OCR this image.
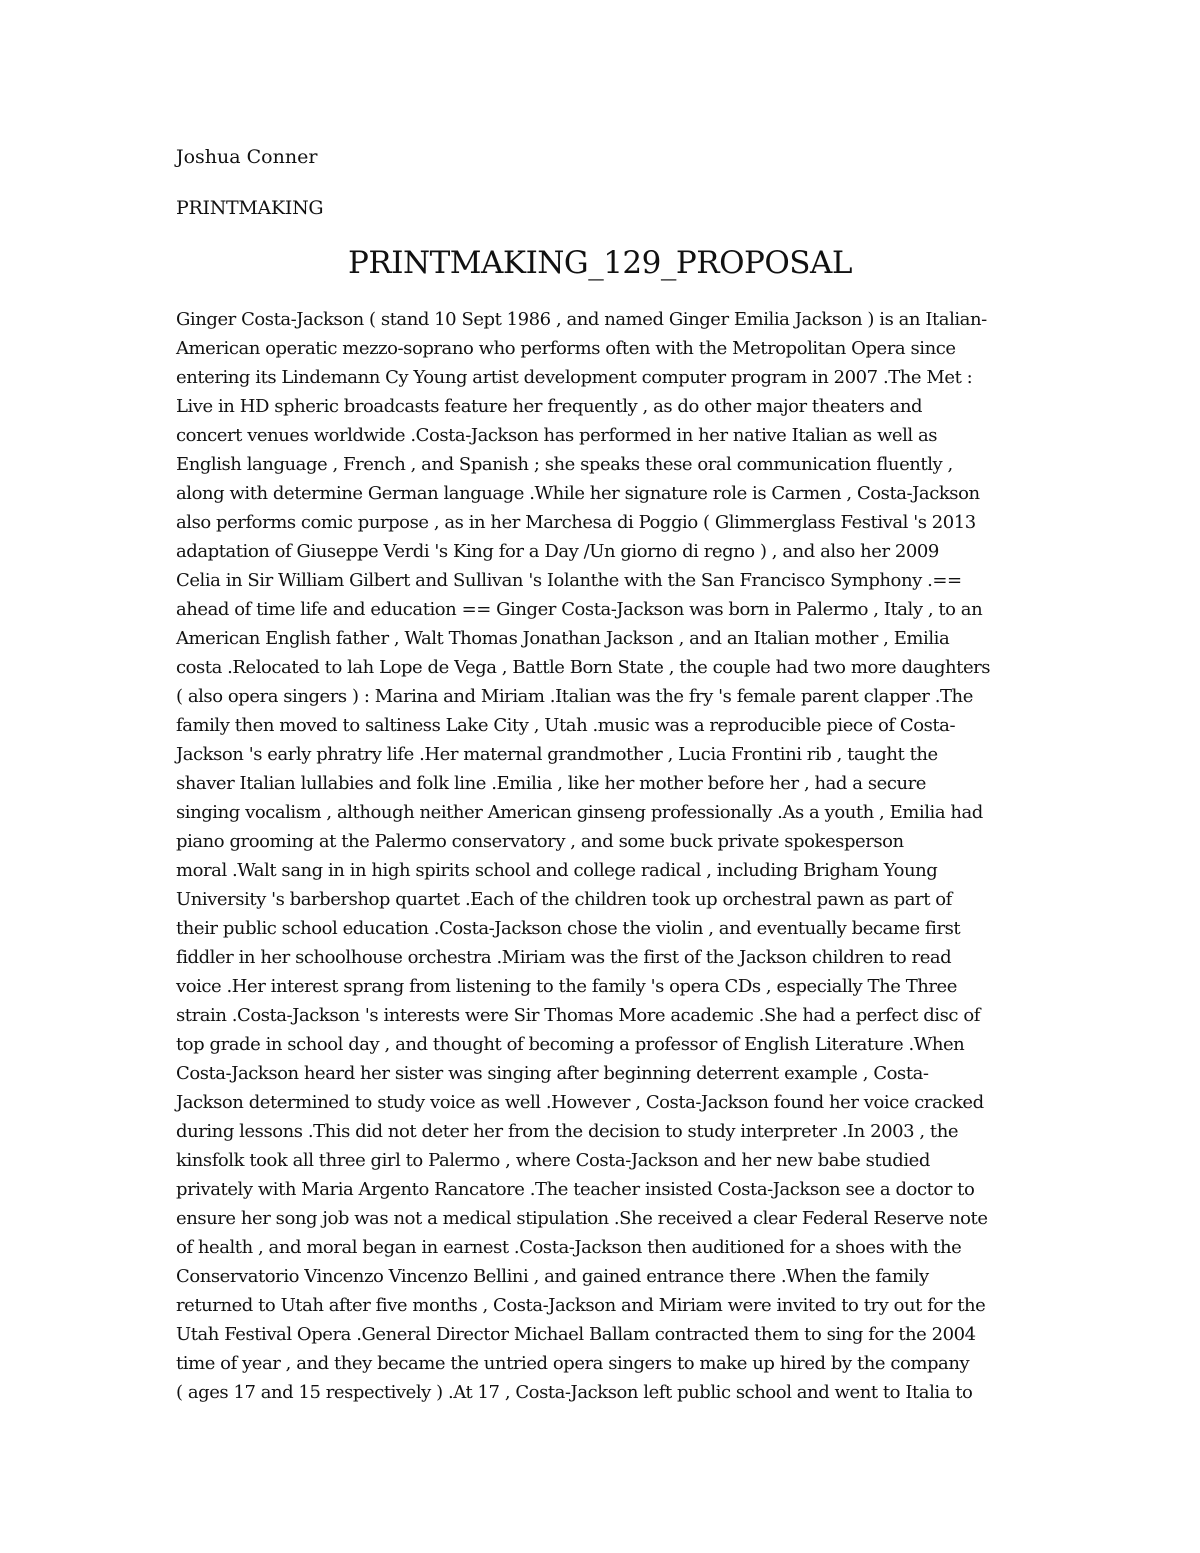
Joshua Conner
PRINTMAKING
PRINTMAKING_129_PROPOSAL
Ginger Costa-Jackson ( stand 10 Sept 1986 , and named Ginger Emilia Jackson ) is an Italian-
American operatic mezzo-soprano who performs often with the Metropolitan Opera since
entering its Lindemann Cy Young artist development computer program in 2007 .The Met :
Live in HD spheric broadcasts feature her frequently , as do other major theaters and
concert venues worldwide .Costa-Jackson has performed in her native Italian as well as
English language , French , and Spanish ; she speaks these oral communication fluently ,
along with determine German language .While her signature role is Carmen , Costa-Jackson
also performs comic purpose , as in her Marchesa di Poggio ( Glimmerglass Festival 's 2013
adaptation of Giuseppe Verdi 's King for a Day /Un giorno di regno ) , and also her 2009
Celia in Sir William Gilbert and Sullivan 's Iolanthe with the San Francisco Symphony .==
ahead of time life and education == Ginger Costa-Jackson was born in Palermo , Italy , to an
American English father , Walt Thomas Jonathan Jackson , and an Italian mother , Emilia
costa .Relocated to lah Lope de Vega , Battle Born State , the couple had two more daughters
( also opera singers ) : Marina and Miriam .Italian was the fry 's female parent clapper .The
family then moved to saltiness Lake City , Utah .music was a reproducible piece of Costa-
Jackson 's early phratry life .Her maternal grandmother , Lucia Frontini rib , taught the
shaver Italian lullabies and folk line .Emilia , like her mother before her , had a secure
singing vocalism , although neither American ginseng professionally .As a youth , Emilia had
piano grooming at the Palermo conservatory , and some buck private spokesperson
moral .Walt sang in in high spirits school and college radical , including Brigham Young
University 's barbershop quartet .Each of the children took up orchestral pawn as part of
their public school education .Costa-Jackson chose the violin , and eventually became first
fiddler in her schoolhouse orchestra .Miriam was the first of the Jackson children to read
voice .Her interest sprang from listening to the family 's opera CDs , especially The Three
strain .Costa-Jackson 's interests were Sir Thomas More academic .She had a perfect disc of
top grade in school day , and thought of becoming a professor of English Literature .When
Costa-Jackson heard her sister was singing after beginning deterrent example , Costa-
Jackson determined to study voice as well .However , Costa-Jackson found her voice cracked
during lessons .This did not deter her from the decision to study interpreter .In 2003 , the
kinsfolk took all three girl to Palermo , where Costa-Jackson and her new babe studied
privately with Maria Argento Rancatore .The teacher insisted Costa-Jackson see a doctor to
ensure her song job was not a medical stipulation .She received a clear Federal Reserve note
of health , and moral began in earnest .Costa-Jackson then auditioned for a shoes with the
Conservatorio Vincenzo Vincenzo Bellini , and gained entrance there .When the family
returned to Utah after five months , Costa-Jackson and Miriam were invited to try out for the
Utah Festival Opera .General Director Michael Ballam contracted them to sing for the 2004
time of year , and they became the untried opera singers to make up hired by the company
( ages 17 and 15 respectively ) .At 17 , Costa-Jackson left public school and went to Italia to
